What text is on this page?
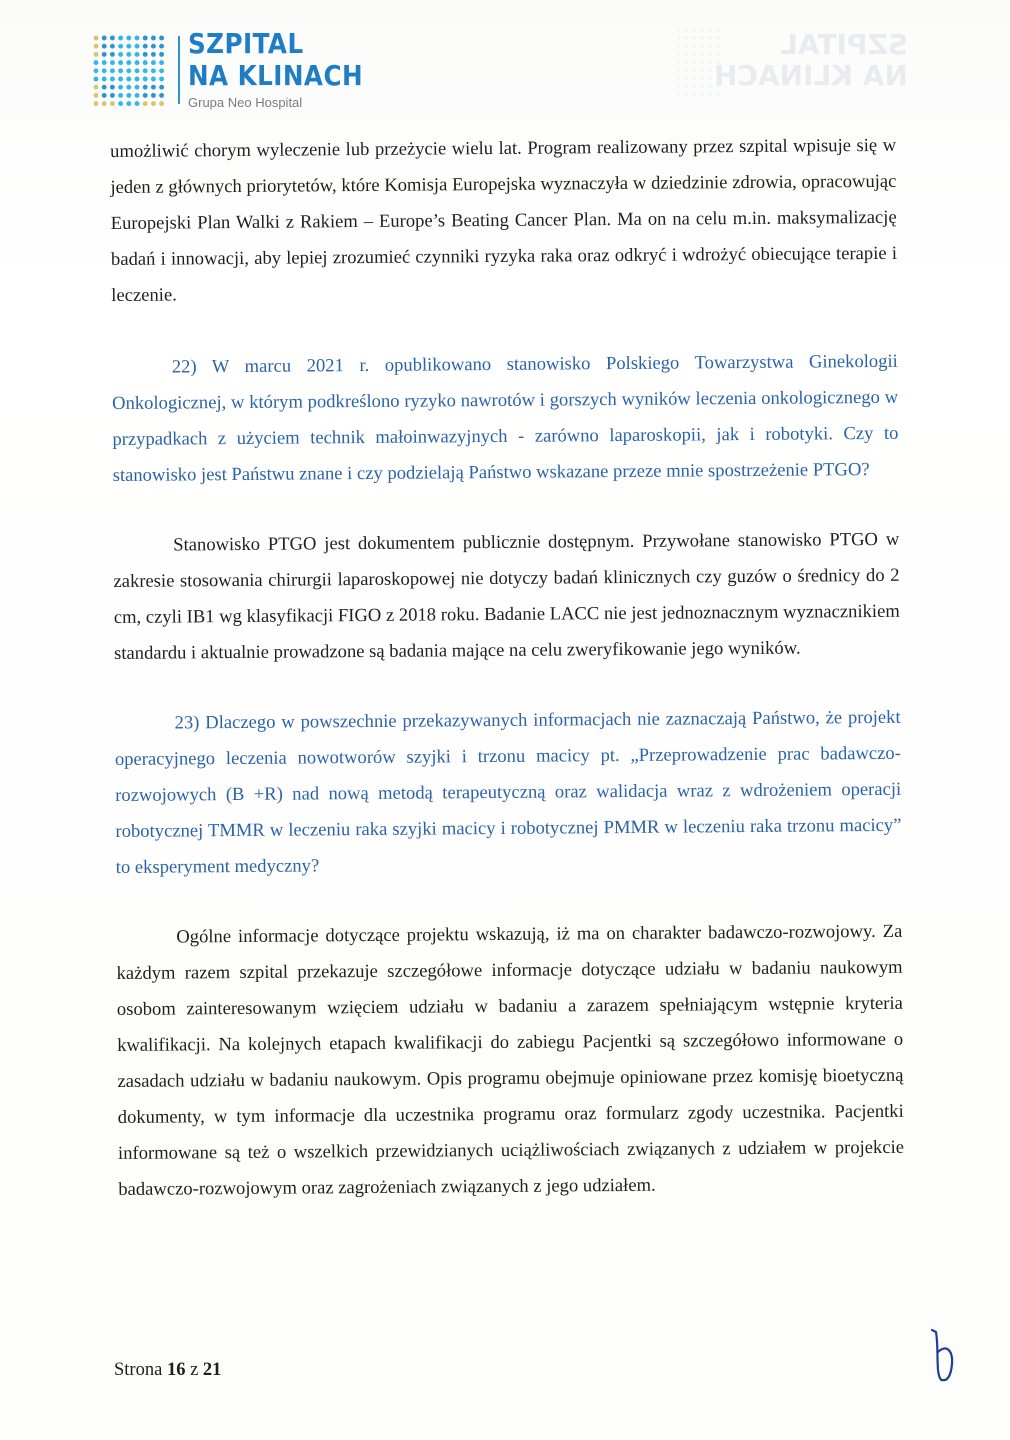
SZPITAL
NA KLINACH
SZPITAL
NA KLINACH
Grupa Neo Hospital

umożliwić chorym wyleczenie lub przeżycie wielu lat. Program realizowany przez szpital wpisuje się w jeden z głównych priorytetów, które Komisja Europejska wyznaczyła w dziedzinie zdrowia, opracowując Europejski Plan Walki z Rakiem – Europe’s Beating Cancer Plan. Ma on na celu m.in. maksymalizację badań i innowacji, aby lepiej zrozumieć czynniki ryzyka raka oraz odkryć i wdrożyć obiecujące terapie i leczenie.

22) W marcu 2021 r. opublikowano stanowisko Polskiego Towarzystwa Ginekologii Onkologicznej, w którym podkreślono ryzyko nawrotów i gorszych wyników leczenia onkologicznego w przypadkach z użyciem technik małoinwazyjnych - zarówno laparoskopii, jak i robotyki. Czy to stanowisko jest Państwu znane i czy podzielają Państwo wskazane przeze mnie spostrzeżenie PTGO?

Stanowisko PTGO jest dokumentem publicznie dostępnym. Przywołane stanowisko PTGO w zakresie stosowania chirurgii laparoskopowej nie dotyczy badań klinicznych czy guzów o średnicy do 2 cm, czyli IB1 wg klasyfikacji FIGO z 2018 roku. Badanie LACC nie jest jednoznacznym wyznacznikiem standardu i aktualnie prowadzone są badania mające na celu zweryfikowanie jego wyników.

23) Dlaczego w powszechnie przekazywanych informacjach nie zaznaczają Państwo, że projekt operacyjnego leczenia nowotworów szyjki i trzonu macicy pt. „Przeprowadzenie prac badawczo-rozwojowych (B +R) nad nową metodą terapeutyczną oraz walidacja wraz z wdrożeniem operacji robotycznej TMMR w leczeniu raka szyjki macicy i robotycznej PMMR w leczeniu raka trzonu macicy” to eksperyment medyczny?

Ogólne informacje dotyczące projektu wskazują, iż ma on charakter badawczo-rozwojowy. Za każdym razem szpital przekazuje szczegółowe informacje dotyczące udziału w badaniu naukowym osobom zainteresowanym wzięciem udziału w badaniu a zarazem spełniającym wstępnie kryteria kwalifikacji. Na kolejnych etapach kwalifikacji do zabiegu Pacjentki są szczegółowo informowane o zasadach udziału w badaniu naukowym. Opis programu obejmuje opiniowane przez komisję bioetyczną dokumenty, w tym informacje dla uczestnika programu oraz formularz zgody uczestnika. Pacjentki informowane są też o wszelkich przewidzianych uciążliwościach związanych z udziałem w projekcie badawczo-rozwojowym oraz zagrożeniach związanych z jego udziałem.

Strona 16 z 21
